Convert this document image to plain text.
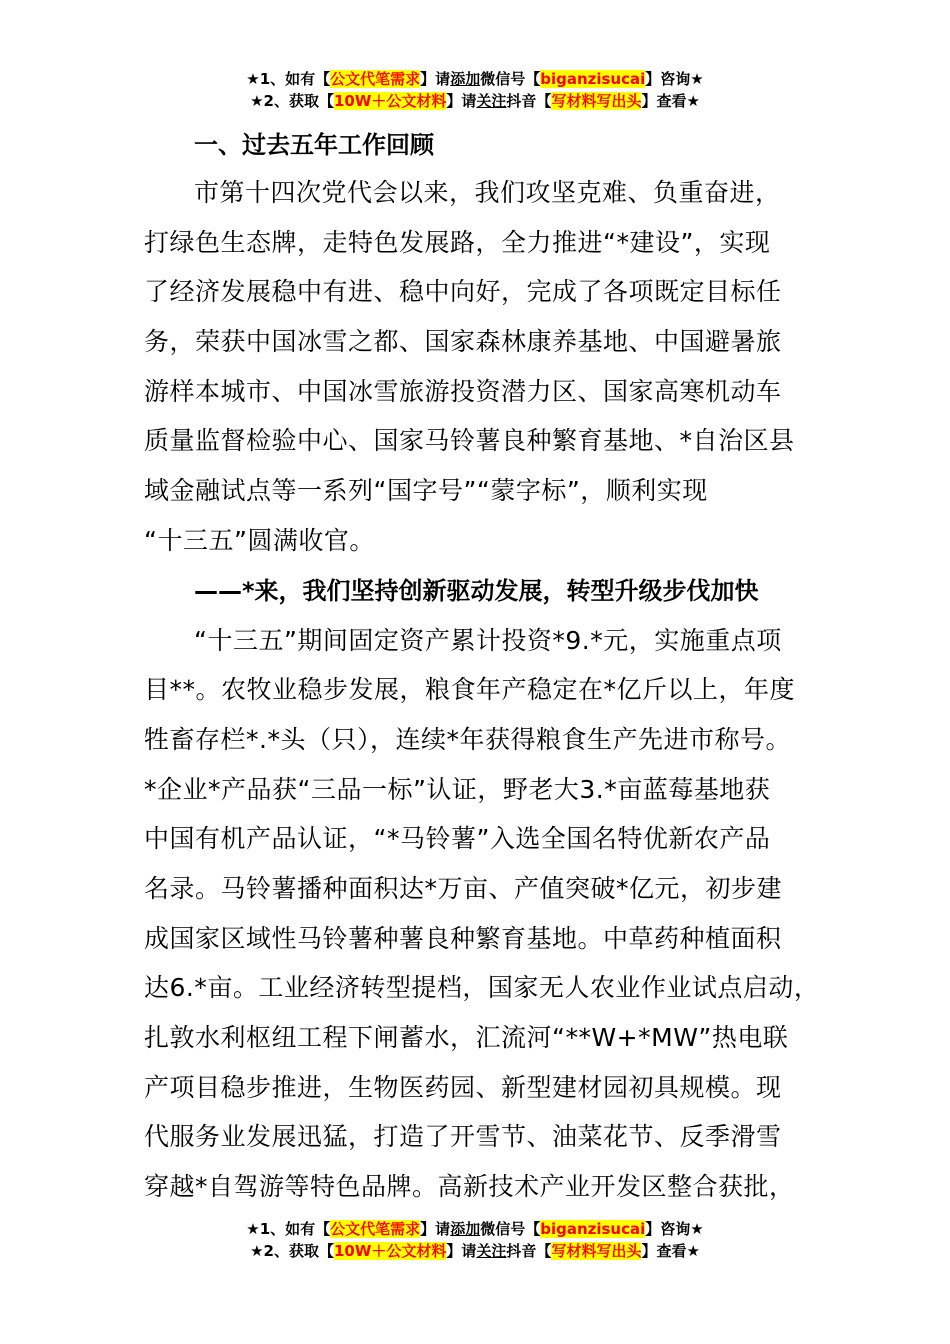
★1、如有【公文代笔需求】请添加微信号【biganzisucai】咨询★
★2、获取【10W＋公文材料】请关注抖音【写材料写出头】查看★
一、过去五年工作回顾
市第十四次党代会以来，我们攻坚克难、负重奋进，
打绿色生态牌，走特色发展路，全力推进“*建设”，实现
了经济发展稳中有进、稳中向好，完成了各项既定目标任
务，荣获中国冰雪之都、国家森林康养基地、中国避暑旅
游样本城市、中国冰雪旅游投资潜力区、国家高寒机动车
质量监督检验中心、国家马铃薯良种繁育基地、*自治区县
域金融试点等一系列“国字号”“蒙字标”，顺利实现
“十三五”圆满收官。
——*来，我们坚持创新驱动发展，转型升级步伐加快
“十三五”期间固定资产累计投资*9.*元，实施重点项
目**。农牧业稳步发展，粮食年产稳定在*亿斤以上，年度
牲畜存栏*.*头（只），连续*年获得粮食生产先进市称号。
*企业*产品获“三品一标”认证，野老大3.*亩蓝莓基地获
中国有机产品认证，“*马铃薯”入选全国名特优新农产品
名录。马铃薯播种面积达*万亩、产值突破*亿元，初步建
成国家区域性马铃薯种薯良种繁育基地。中草药种植面积
达6.*亩。工业经济转型提档，国家无人农业作业试点启动，
扎敦水利枢纽工程下闸蓄水，汇流河“**W+*MW”热电联
产项目稳步推进，生物医药园、新型建材园初具规模。现
代服务业发展迅猛，打造了开雪节、油菜花节、反季滑雪
穿越*自驾游等特色品牌。高新技术产业开发区整合获批，
★1、如有【公文代笔需求】请添加微信号【biganzisucai】咨询★
★2、获取【10W＋公文材料】请关注抖音【写材料写出头】查看★
